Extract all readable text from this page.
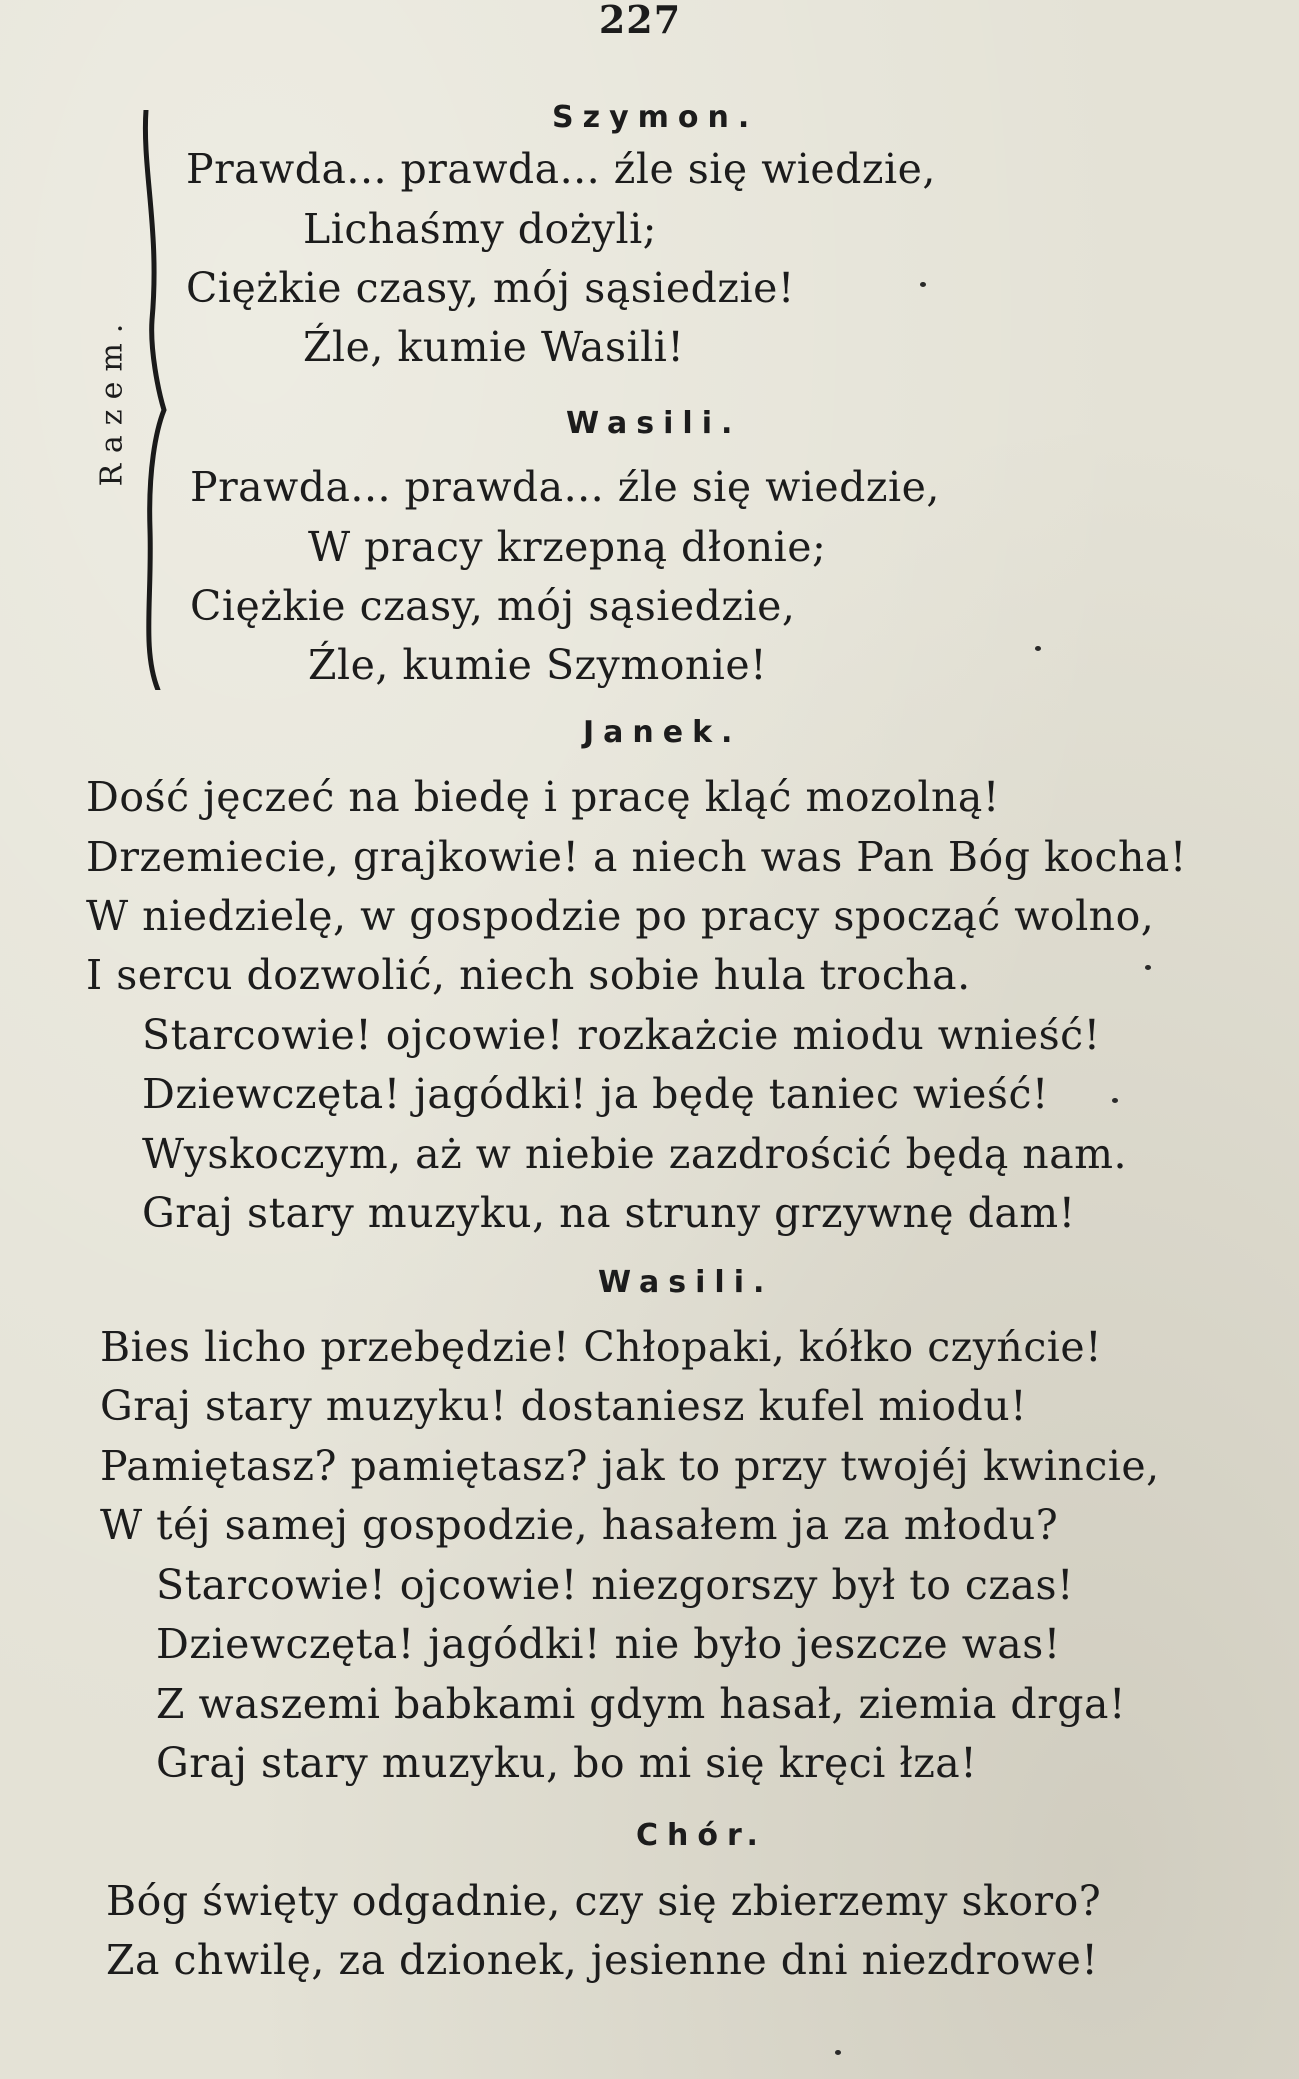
227
Razem.
Szymon.
Prawda... prawda... źle się wiedzie,
Lichaśmy dożyli;
Ciężkie czasy, mój sąsiedzie!
Źle, kumie Wasili!
Wasili.
Prawda... prawda... źle się wiedzie,
W pracy krzepną dłonie;
Ciężkie czasy, mój sąsiedzie,
Źle, kumie Szymonie!
Janek.
Dość jęczeć na biedę i pracę kląć mozolną!
Drzemiecie, grajkowie! a niech was Pan Bóg kocha!
W niedzielę, w gospodzie po pracy spocząć wolno,
I sercu dozwolić, niech sobie hula trocha.
Starcowie! ojcowie! rozkażcie miodu wnieść!
Dziewczęta! jagódki! ja będę taniec wieść!
Wyskoczym, aż w niebie zazdrościć będą nam.
Graj stary muzyku, na struny grzywnę dam!
Wasili.
Bies licho przebędzie! Chłopaki, kółko czyńcie!
Graj stary muzyku! dostaniesz kufel miodu!
Pamiętasz? pamiętasz? jak to przy twojéj kwincie,
W téj samej gospodzie, hasałem ja za młodu?
Starcowie! ojcowie! niezgorszy był to czas!
Dziewczęta! jagódki! nie było jeszcze was!
Z waszemi babkami gdym hasał, ziemia drga!
Graj stary muzyku, bo mi się kręci łza!
Chór.
Bóg święty odgadnie, czy się zbierzemy skoro?
Za chwilę, za dzionek, jesienne dni niezdrowe!
